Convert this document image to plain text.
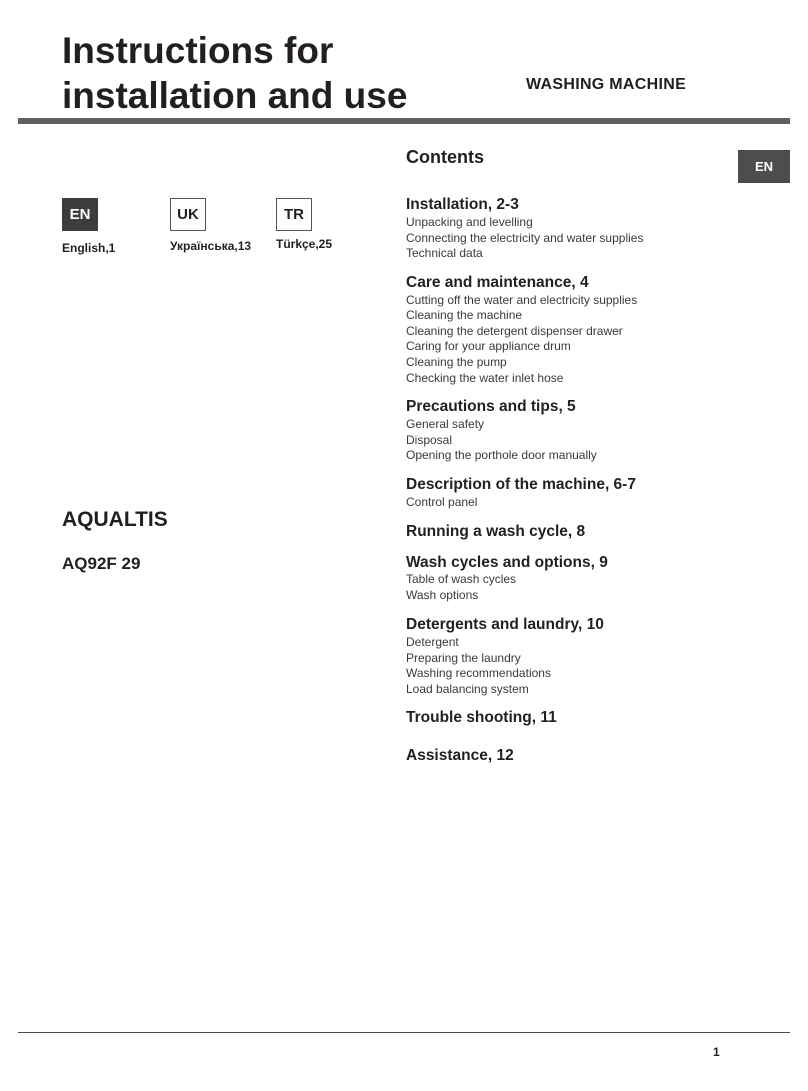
Instructions for
installation and use	WASHING MACHINE
EN
EN
English,1
UK
Українська,13
TR
Türkçe,25
AQUALTIS
AQ92F 29
Contents
Installation, 2-3
Unpacking and levelling
Connecting the electricity and water supplies
Technical data
Care and maintenance, 4
Cutting off the water and electricity supplies
Cleaning the machine
Cleaning the detergent dispenser drawer
Caring for your appliance drum
Cleaning the pump
Checking the water inlet hose
Precautions and tips, 5
General safety
Disposal
Opening the porthole door manually
Description of the machine, 6-7
Control panel
Running a wash cycle, 8
Wash cycles and options, 9
Table of wash cycles
Wash options
Detergents and laundry, 10
Detergent
Preparing the laundry
Washing recommendations
Load balancing system
Trouble shooting, 11
Assistance, 12
1
